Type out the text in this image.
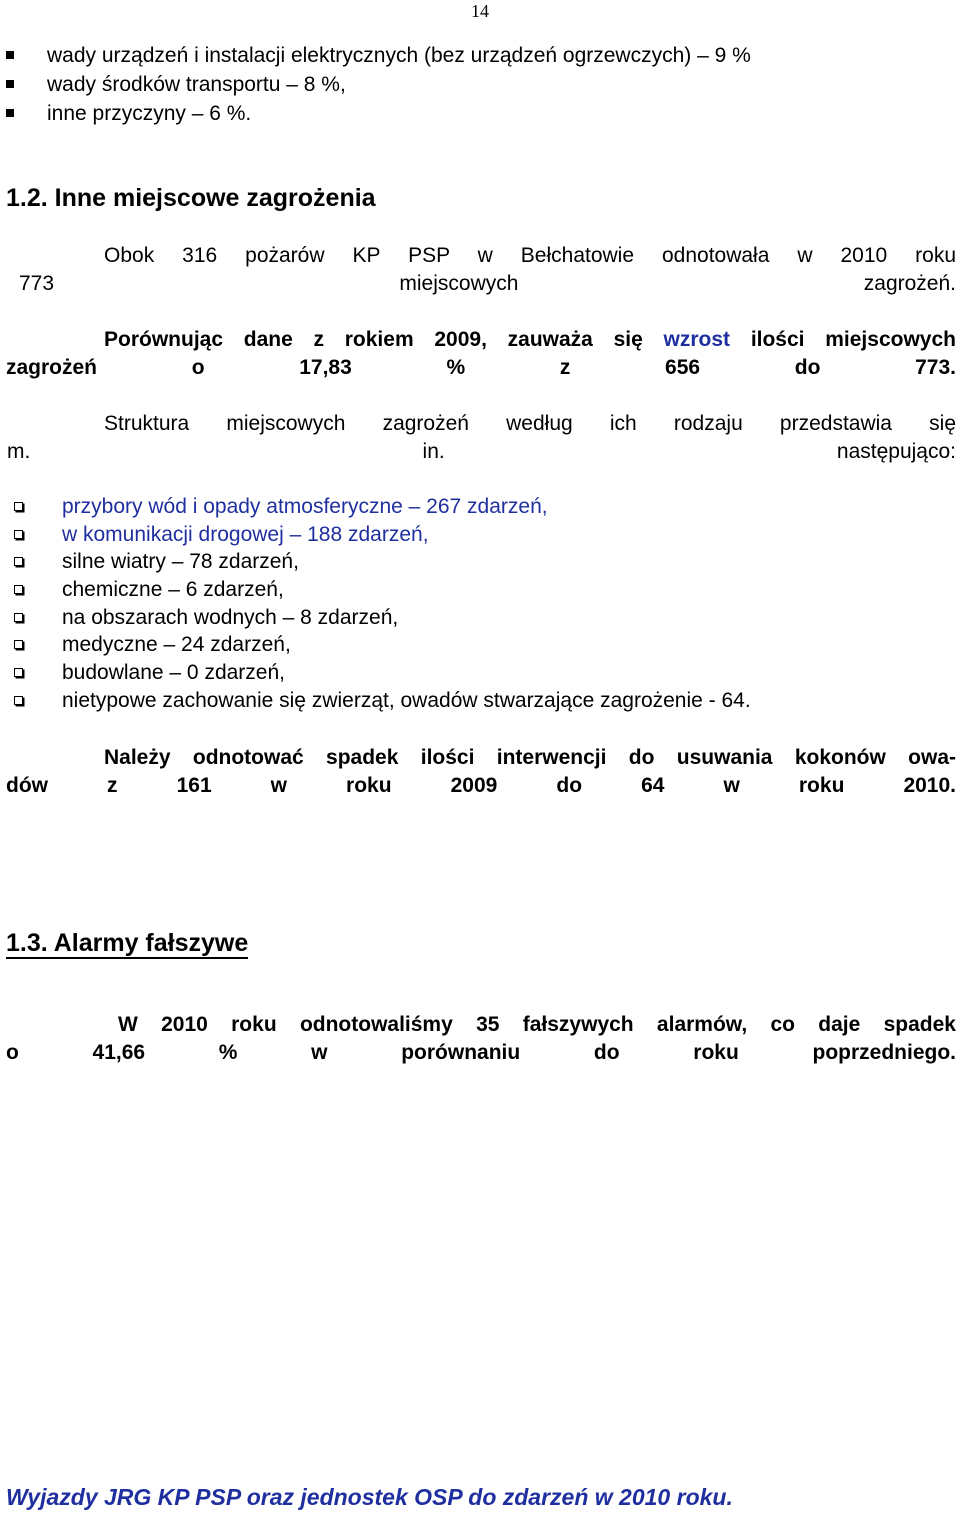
14
wady urządzeń i instalacji elektrycznych (bez urządzeń ogrzewczych) – 9 %
wady środków transportu – 8 %,
inne przyczyny – 6 %.
1.2. Inne miejscowe zagrożenia
Obok 316 pożarów KP PSP w Bełchatowie odnotowała w 2010 roku
773 miejscowych zagrożeń.
Porównując dane z rokiem 2009, zauważa się wzrost ilości miejscowych
zagrożeń o 17,83 % z 656 do 773.
Struktura miejscowych zagrożeń według ich rodzaju przedstawia się
m. in. następująco:
przybory wód i opady atmosferyczne – 267 zdarzeń,
w komunikacji drogowej – 188 zdarzeń,
silne wiatry – 78 zdarzeń,
chemiczne – 6 zdarzeń,
na obszarach wodnych – 8 zdarzeń,
medyczne – 24 zdarzeń,
budowlane – 0 zdarzeń,
nietypowe zachowanie się zwierząt, owadów stwarzające zagrożenie - 64.
Należy odnotować spadek ilości interwencji do usuwania kokonów owa-
dów z 161 w roku 2009 do 64 w roku 2010.
1.3. Alarmy fałszywe
W 2010 roku odnotowaliśmy 35 fałszywych alarmów, co daje spadek
o 41,66 % w porównaniu do roku poprzedniego.
Wyjazdy JRG KP PSP oraz jednostek OSP do zdarzeń w 2010 roku.
